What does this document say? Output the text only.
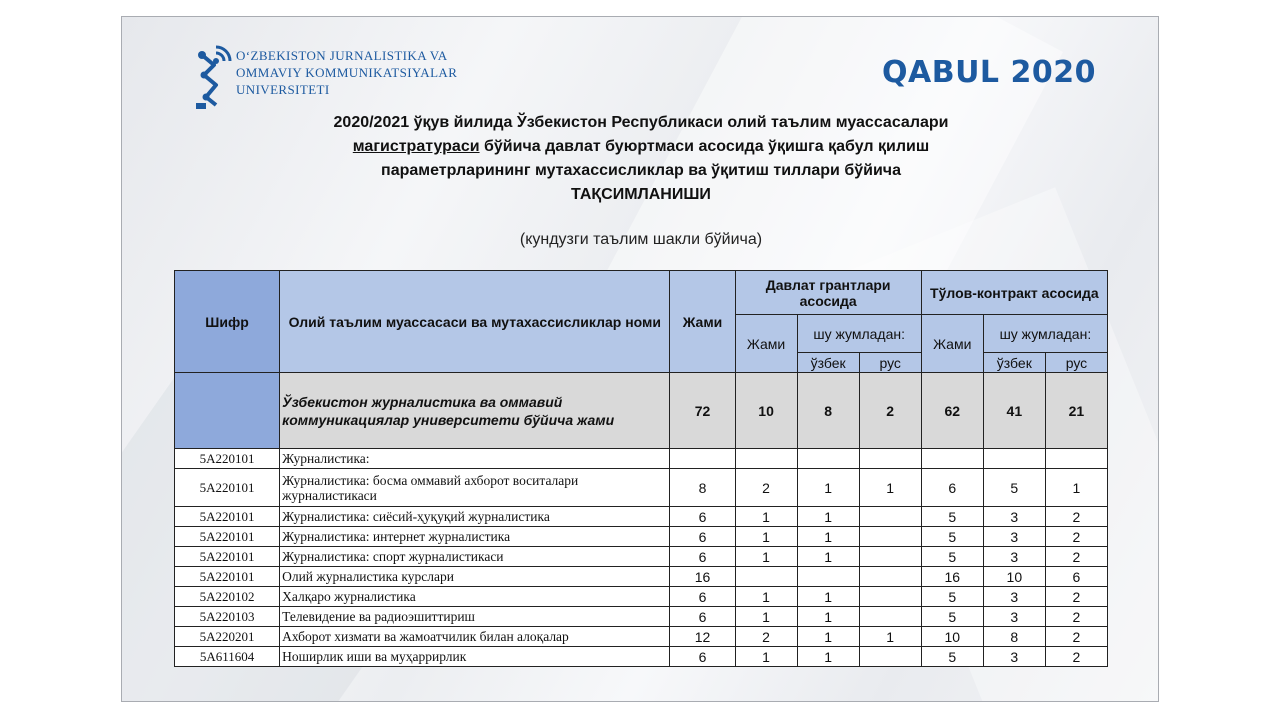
O‘ZBEKISTON JURNALISTIKA VA
OMMAVIY KOMMUNIKATSIYALAR
UNIVERSITETI	QABUL 2020
2020/2021 ўқув йилида Ўзбекистон Республикаси олий таълим муассасалари
магистратураси бўйича давлат буюртмаси асосида ўқишга қабул қилиш
параметрларининг мутахассисликлар ва ўқитиш тиллари бўйича
ТАҚСИМЛАНИШИ
(кундузги таълим шакли бўйича)
Шифр	Олий таълим муассасаси ва мутахассисликлар номи	Жами	Давлат грантлари асосида			Тўлов-контракт асосида		
			Жами	шу жумладан:		Жами	шу жумладан:	
				ўзбек	рус		ўзбек	рус
	Ўзбекистон журналистика ва оммавий коммуникациялар университети бўйича жами	72	10	8	2	62	41	21
5A220101	Журналистика:							
5A220101	Журналистика: босма оммавий ахборот воситалари журналистикаси	8	2	1	1	6	5	1
5A220101	Журналистика: сиёсий-ҳуқуқий журналистика	6	1	1		5	3	2
5A220101	Журналистика: интернет журналистика	6	1	1		5	3	2
5A220101	Журналистика: спорт журналистикаси	6	1	1		5	3	2
5A220101	Олий журналистика курслари	16				16	10	6
5A220102	Халқаро журналистика	6	1	1		5	3	2
5A220103	Телевидение ва радиоэшиттириш	6	1	1		5	3	2
5A220201	Ахборот хизмати ва жамоатчилик билан алоқалар	12	2	1	1	10	8	2
5A611604	Ноширлик иши ва муҳаррирлик	6	1	1		5	3	2
